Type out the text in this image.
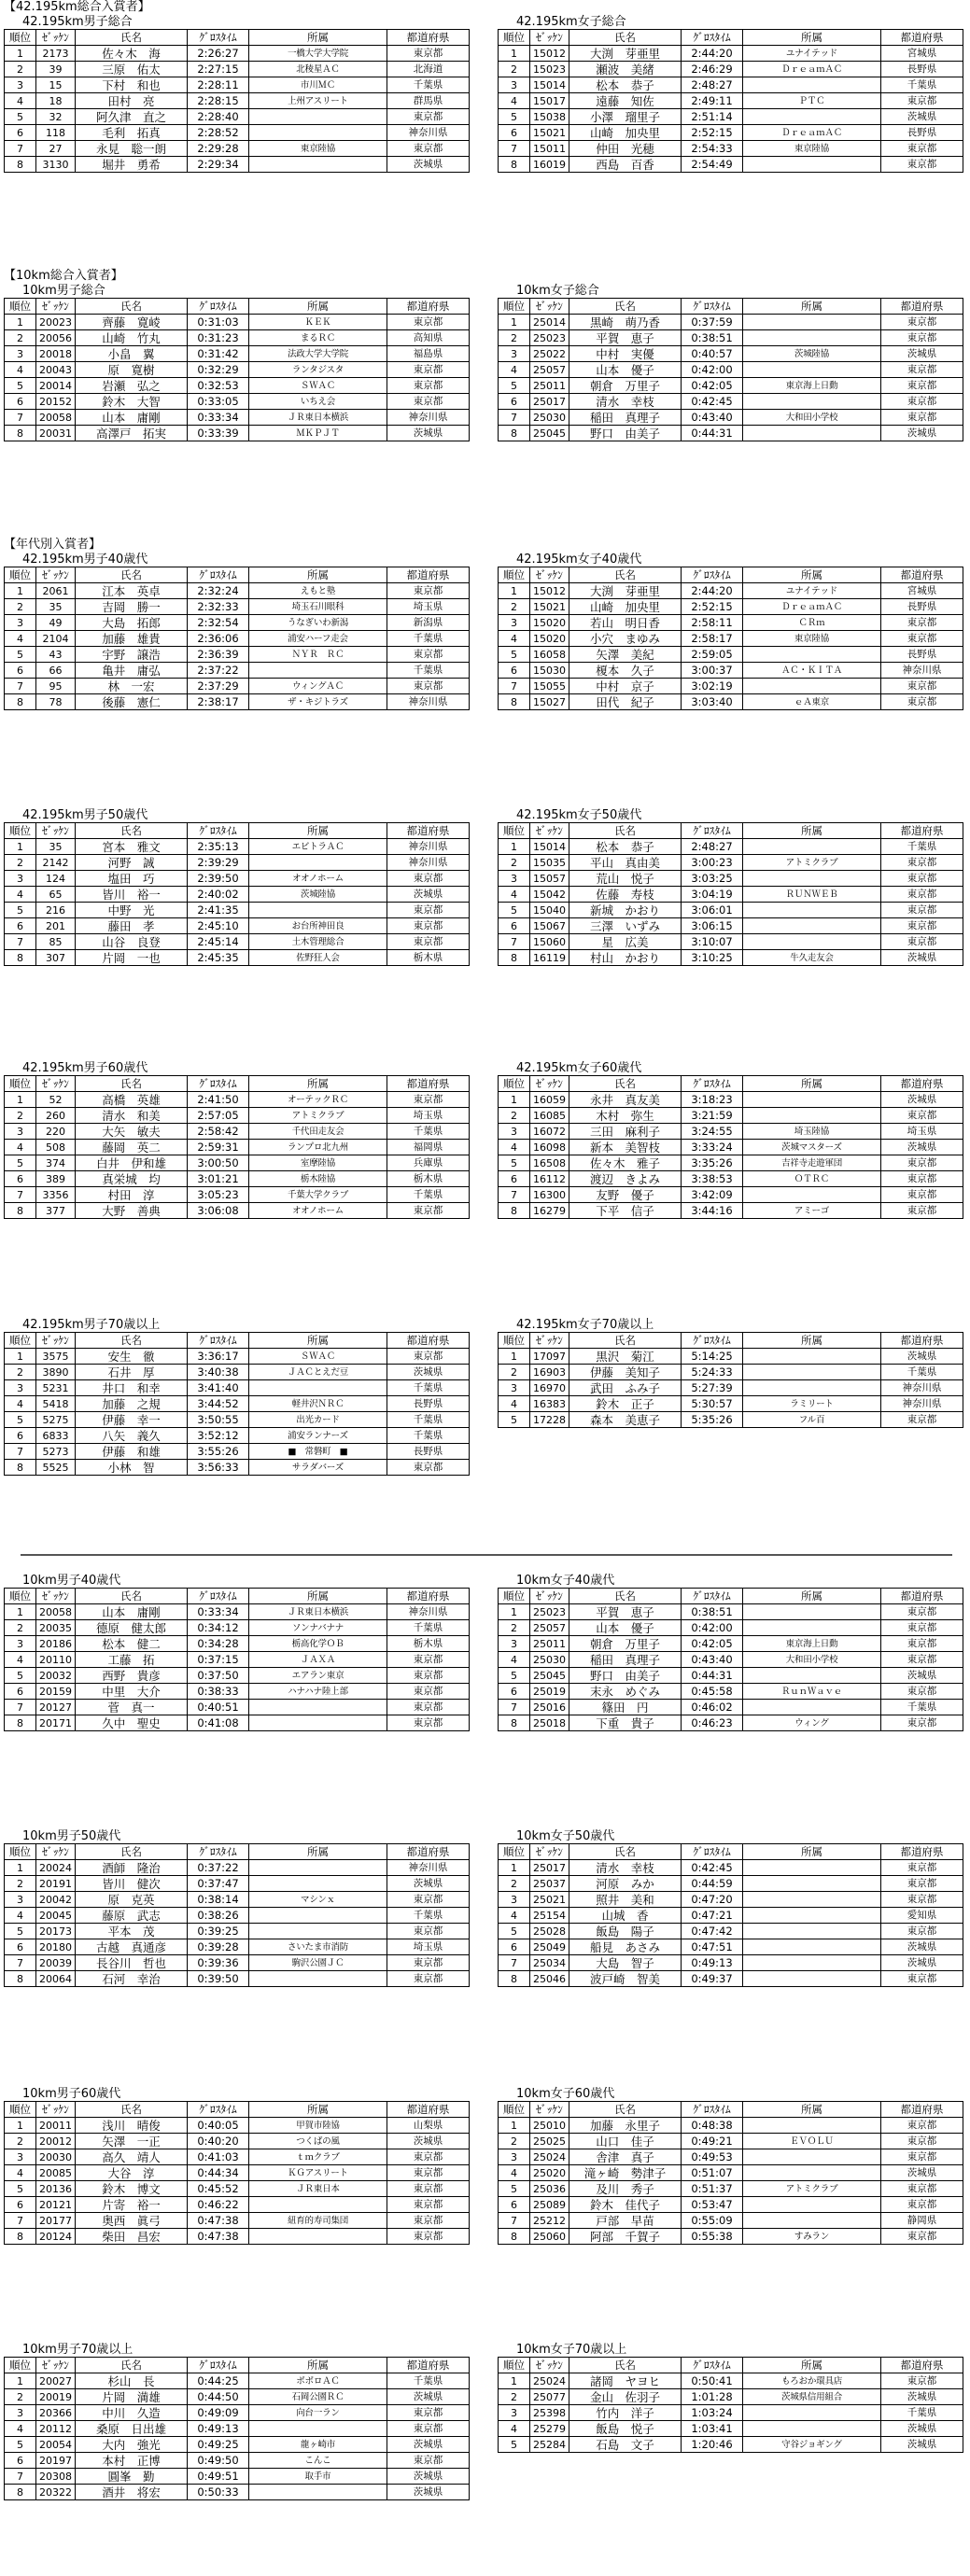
【42.195km総合入賞者】
【10km総合入賞者】
【年代別入賞者】
42.195km男子総合
順位	ｾﾞｯｹﾝ	氏名	ｸﾞﾛｽﾀｲﾑ	所属	都道府県
1	2173	佐々木　海	2:26:27	一橋大学大学院	東京都
2	39	三原　佑太	2:27:15	北稜星ＡＣ	北海道
3	15	下村　和也	2:28:11	市川ＭＣ	千葉県
4	18	田村　亮	2:28:15	上州アスリート	群馬県
5	32	阿久津　直之	2:28:40		東京都
6	118	毛利　拓真	2:28:52		神奈川県
7	27	永見　聡一朗	2:29:28	東京陸協	東京都
8	3130	堀井　勇希	2:29:34		茨城県
42.195km女子総合
順位	ｾﾞｯｹﾝ	氏名	ｸﾞﾛｽﾀｲﾑ	所属	都道府県
1	15012	大渕　芽亜里	2:44:20	ユナイテッド	宮城県
2	15023	瀬波　美緒	2:46:29	ＤｒｅａｍＡＣ	長野県
3	15014	松本　恭子	2:48:27		千葉県
4	15017	遠藤　知佐	2:49:11	ＰＴＣ	東京都
5	15038	小澤　瑠里子	2:51:14		茨城県
6	15021	山崎　加央里	2:52:15	ＤｒｅａｍＡＣ	長野県
7	15011	仲田　光穂	2:54:33	東京陸協	東京都
8	16019	西島　百香	2:54:49		東京都
10km男子総合
順位	ｾﾞｯｹﾝ	氏名	ｸﾞﾛｽﾀｲﾑ	所属	都道府県
1	20023	齊藤　寛崚	0:31:03	ＫＥＫ	東京都
2	20056	山崎　竹丸	0:31:23	まるＲＣ	高知県
3	20018	小畠　翼	0:31:42	法政大学大学院	福島県
4	20043	原　寛樹	0:32:29	ランタジスタ	東京都
5	20014	岩瀬　弘之	0:32:53	ＳＷＡＣ	東京都
6	20152	鈴木　大智	0:33:05	いちえ会	東京都
7	20058	山本　庸剛	0:33:34	ＪＲ東日本横浜	神奈川県
8	20031	高澤戸　拓実	0:33:39	ＭＫＰＪＴ	茨城県
10km女子総合
順位	ｾﾞｯｹﾝ	氏名	ｸﾞﾛｽﾀｲﾑ	所属	都道府県
1	25014	黒崎　萌乃香	0:37:59		東京都
2	25023	平賀　恵子	0:38:51		東京都
3	25022	中村　実優	0:40:57	茨城陸協	茨城県
4	25057	山本　優子	0:42:00		東京都
5	25011	朝倉　万里子	0:42:05	東京海上日動	東京都
6	25017	清水　幸枝	0:42:45		東京都
7	25030	稲田　真理子	0:43:40	大和田小学校	東京都
8	25045	野口　由美子	0:44:31		茨城県
42.195km男子40歳代
順位	ｾﾞｯｹﾝ	氏名	ｸﾞﾛｽﾀｲﾑ	所属	都道府県
1	2061	江本　英卓	2:32:24	えもと塾	東京都
2	35	吉岡　勝一	2:32:33	埼玉石川眼科	埼玉県
3	49	大島　拓郎	2:32:54	うなぎいわ新潟	新潟県
4	2104	加藤　雄貴	2:36:06	浦安ハーフ走会	千葉県
5	43	宇野　譲浩	2:36:39	ＮＹＲ　ＲＣ	東京都
6	66	亀井　庸弘	2:37:22		千葉県
7	95	林　一宏	2:37:29	ウィングＡＣ	東京都
8	78	後藤　憲仁	2:38:17	ザ・キジトラズ	神奈川県
42.195km女子40歳代
順位	ｾﾞｯｹﾝ	氏名	ｸﾞﾛｽﾀｲﾑ	所属	都道府県
1	15012	大渕　芽亜里	2:44:20	ユナイテッド	宮城県
2	15021	山崎　加央里	2:52:15	ＤｒｅａｍＡＣ	長野県
3	15020	若山　明日香	2:58:11	ＣＲｍ	東京都
4	15020	小穴　まゆみ	2:58:17	東京陸協	東京都
5	16058	矢澤　美紀	2:59:05		長野県
6	15030	榎本　久子	3:00:37	ＡＣ・ＫＩＴＡ	神奈川県
7	15055	中村　京子	3:02:19		東京都
8	15027	田代　紀子	3:03:40	ｅＡ東京	東京都
42.195km男子50歳代
順位	ｾﾞｯｹﾝ	氏名	ｸﾞﾛｽﾀｲﾑ	所属	都道府県
1	35	宮本　雅文	2:35:13	エビトラＡＣ	神奈川県
2	2142	河野　誠	2:39:29		神奈川県
3	124	塩田　巧	2:39:50	オオノホーム	東京都
4	65	皆川　裕一	2:40:02	茨城陸協	茨城県
5	216	中野　光	2:41:35		東京都
6	201	藤田　孝	2:45:10	お台所神田良	東京都
7	85	山谷　良登	2:45:14	土木管理総合	東京都
8	307	片岡　一也	2:45:35	佐野狂人会	栃木県
42.195km女子50歳代
順位	ｾﾞｯｹﾝ	氏名	ｸﾞﾛｽﾀｲﾑ	所属	都道府県
1	15014	松本　恭子	2:48:27		千葉県
2	15035	平山　真由美	3:00:23	アトミクラブ	東京都
3	15057	荒山　悦子	3:03:25		東京都
4	15042	佐藤　寿枝	3:04:19	ＲＵＮＷＥＢ	東京都
5	15040	新城　かおり	3:06:01		東京都
6	15067	三澤　いずみ	3:06:15		東京都
7	15060	星　広美	3:10:07		東京都
8	16119	村山　かおり	3:10:25	牛久走友会	茨城県
42.195km男子60歳代
順位	ｾﾞｯｹﾝ	氏名	ｸﾞﾛｽﾀｲﾑ	所属	都道府県
1	52	高橋　英雄	2:41:50	オーテックＲＣ	東京都
2	260	清水　和美	2:57:05	アトミクラブ	埼玉県
3	220	大矢　敏夫	2:58:42	千代田走友会	千葉県
4	508	藤岡　英二	2:59:31	ランプロ北九州	福岡県
5	374	白井　伊和雄	3:00:50	室摩陸協	兵庫県
6	389	真栄城　均	3:01:21	栃木陸協	栃木県
7	3356	村田　淳	3:05:23	千葉大学クラブ	千葉県
8	377	大野　善典	3:06:08	オオノホーム	東京都
42.195km女子60歳代
順位	ｾﾞｯｹﾝ	氏名	ｸﾞﾛｽﾀｲﾑ	所属	都道府県
1	16059	永井　真友美	3:18:23		茨城県
2	16085	木村　弥生	3:21:59		東京都
3	16072	三田　麻利子	3:24:55	埼玉陸協	埼玉県
4	16098	新本　美智枝	3:33:24	茨城マスターズ	茨城県
5	16508	佐々木　雅子	3:35:26	吉祥寺走遊軍団	東京都
6	16112	渡辺　きよみ	3:38:53	ＯＴＲＣ	東京都
7	16300	友野　優子	3:42:09		東京都
8	16279	下平　信子	3:44:16	アミーゴ	東京都
42.195km男子70歳以上
順位	ｾﾞｯｹﾝ	氏名	ｸﾞﾛｽﾀｲﾑ	所属	都道府県
1	3575	安生　徹	3:36:17	ＳＷＡＣ	東京都
2	3890	石井　厚	3:40:38	ＪＡＣとえだ豆	茨城県
3	5231	井口　和幸	3:41:40		千葉県
4	5418	加藤　之規	3:44:52	軽井沢ＮＲＣ	長野県
5	5275	伊藤　幸一	3:50:55	出光カード	千葉県
6	6833	八矢　義久	3:52:12	浦安ランナーズ	千葉県
7	5273	伊藤　和雄	3:55:26	■　常磐町　■	長野県
8	5525	小林　智	3:56:33	サラダバーズ	東京都
42.195km女子70歳以上
順位	ｾﾞｯｹﾝ	氏名	ｸﾞﾛｽﾀｲﾑ	所属	都道府県
1	17097	黒沢　菊江	5:14:25		茨城県
2	16903	伊藤　美知子	5:24:33		千葉県
3	16970	武田　ふみ子	5:27:39		神奈川県
4	16383	鈴木　正子	5:30:57	ラミリート	神奈川県
5	17228	森本　美恵子	5:35:26	フル百	東京都
10km男子40歳代
順位	ｾﾞｯｹﾝ	氏名	ｸﾞﾛｽﾀｲﾑ	所属	都道府県
1	20058	山本　庸剛	0:33:34	ＪＲ東日本横浜	神奈川県
2	20035	德原　健太郎	0:34:12	ソンナバナナ	千葉県
3	20186	松本　健二	0:34:28	栃高化学ＯＢ	栃木県
4	20110	工藤　拓	0:37:15	ＪＡＸＡ	東京都
5	20032	西野　貴彦	0:37:50	エアラン東京	東京都
6	20159	中里　大介	0:38:33	ハナハナ陸上部	東京都
7	20127	菅　真一	0:40:51		東京都
8	20171	久中　聖史	0:41:08		東京都
10km女子40歳代
順位	ｾﾞｯｹﾝ	氏名	ｸﾞﾛｽﾀｲﾑ	所属	都道府県
1	25023	平賀　恵子	0:38:51		東京都
2	25057	山本　優子	0:42:00		東京都
3	25011	朝倉　万里子	0:42:05	東京海上日動	東京都
4	25030	稲田　真理子	0:43:40	大和田小学校	東京都
5	25045	野口　由美子	0:44:31		茨城県
6	25019	末永　めぐみ	0:45:58	ＲｕｎＷａｖｅ	東京都
7	25016	篠田　円	0:46:02		千葉県
8	25018	下重　貴子	0:46:23	ウィング	東京都
10km男子50歳代
順位	ｾﾞｯｹﾝ	氏名	ｸﾞﾛｽﾀｲﾑ	所属	都道府県
1	20024	酒師　隆治	0:37:22		神奈川県
2	20191	皆川　健次	0:37:47		茨城県
3	20042	原　克英	0:38:14	マシンｘ	東京都
4	20045	藤原　武志	0:38:26		千葉県
5	20173	平本　茂	0:39:25		東京都
6	20180	古越　真通彦	0:39:28	さいたま市消防	埼玉県
7	20039	長谷川　哲也	0:39:36	駒沢公園ＪＣ	東京都
8	20064	石河　幸治	0:39:50		東京都
10km女子50歳代
順位	ｾﾞｯｹﾝ	氏名	ｸﾞﾛｽﾀｲﾑ	所属	都道府県
1	25017	清水　幸枝	0:42:45		東京都
2	25037	河原　みか	0:44:59		東京都
3	25021	照井　美和	0:47:20		東京都
4	25154	山城　香	0:47:21		愛知県
5	25028	飯島　陽子	0:47:42		東京都
6	25049	船見　あさみ	0:47:51		茨城県
7	25034	大島　智子	0:49:13		茨城県
8	25046	波戸崎　智美	0:49:37		東京都
10km男子60歳代
順位	ｾﾞｯｹﾝ	氏名	ｸﾞﾛｽﾀｲﾑ	所属	都道府県
1	20011	浅川　晴俊	0:40:05	甲賀市陸協	山梨県
2	20012	矢澤　一正	0:40:20	つくばの風	茨城県
3	20030	高久　靖人	0:41:03	ｔｍクラブ	東京都
4	20085	大谷　淳	0:44:34	ＫＧアスリート	東京都
5	20136	鈴木　博文	0:45:52	ＪＲ東日本	東京都
6	20121	片寄　裕一	0:46:22		東京都
7	20177	奥西　眞弓	0:47:38	紐育的寿司集団	東京都
8	20124	柴田　昌宏	0:47:38		東京都
10km女子60歳代
順位	ｾﾞｯｹﾝ	氏名	ｸﾞﾛｽﾀｲﾑ	所属	都道府県
1	25010	加藤　永里子	0:48:38		東京都
2	25025	山口　佳子	0:49:21	ＥＶＯＬＵ	東京都
3	25024	舎津　真子	0:49:53		東京都
4	25020	滝ヶ崎　勢津子	0:51:07		茨城県
5	25036	及川　秀子	0:51:37	アトミクラブ	東京都
6	25089	鈴木　佳代子	0:53:47		東京都
7	25212	戸部　早苗	0:55:09		静岡県
8	25060	阿部　千賀子	0:55:38	すみラン	東京都
10km男子70歳以上
順位	ｾﾞｯｹﾝ	氏名	ｸﾞﾛｽﾀｲﾑ	所属	都道府県
1	20027	杉山　長	0:44:25	ボボロＡＣ	千葉県
2	20019	片岡　満雄	0:44:50	石岡公園ＲＣ	茨城県
3	20366	中川　久造	0:49:09	向台一ラン	東京都
4	20112	桑原　日出雄	0:49:13		東京都
5	20054	大内　強光	0:49:25	龍ヶ崎市	茨城県
6	20197	本村　正博	0:49:50	こんこ	東京都
7	20308	圓峯　勤	0:49:51	取手市	茨城県
8	20322	酒井　将宏	0:50:33		茨城県
10km女子70歳以上
順位	ｾﾞｯｹﾝ	氏名	ｸﾞﾛｽﾀｲﾑ	所属	都道府県
1	25024	諸岡　ヤヨヒ	0:50:41	もろおか環具店	東京都
2	25077	金山　佐羽子	1:01:28	茨城県信用組合	茨城県
3	25398	竹内　洋子	1:03:24		千葉県
4	25279	飯島　悦子	1:03:41		茨城県
5	25284	石島　文子	1:20:46	守谷ジョギング	茨城県
